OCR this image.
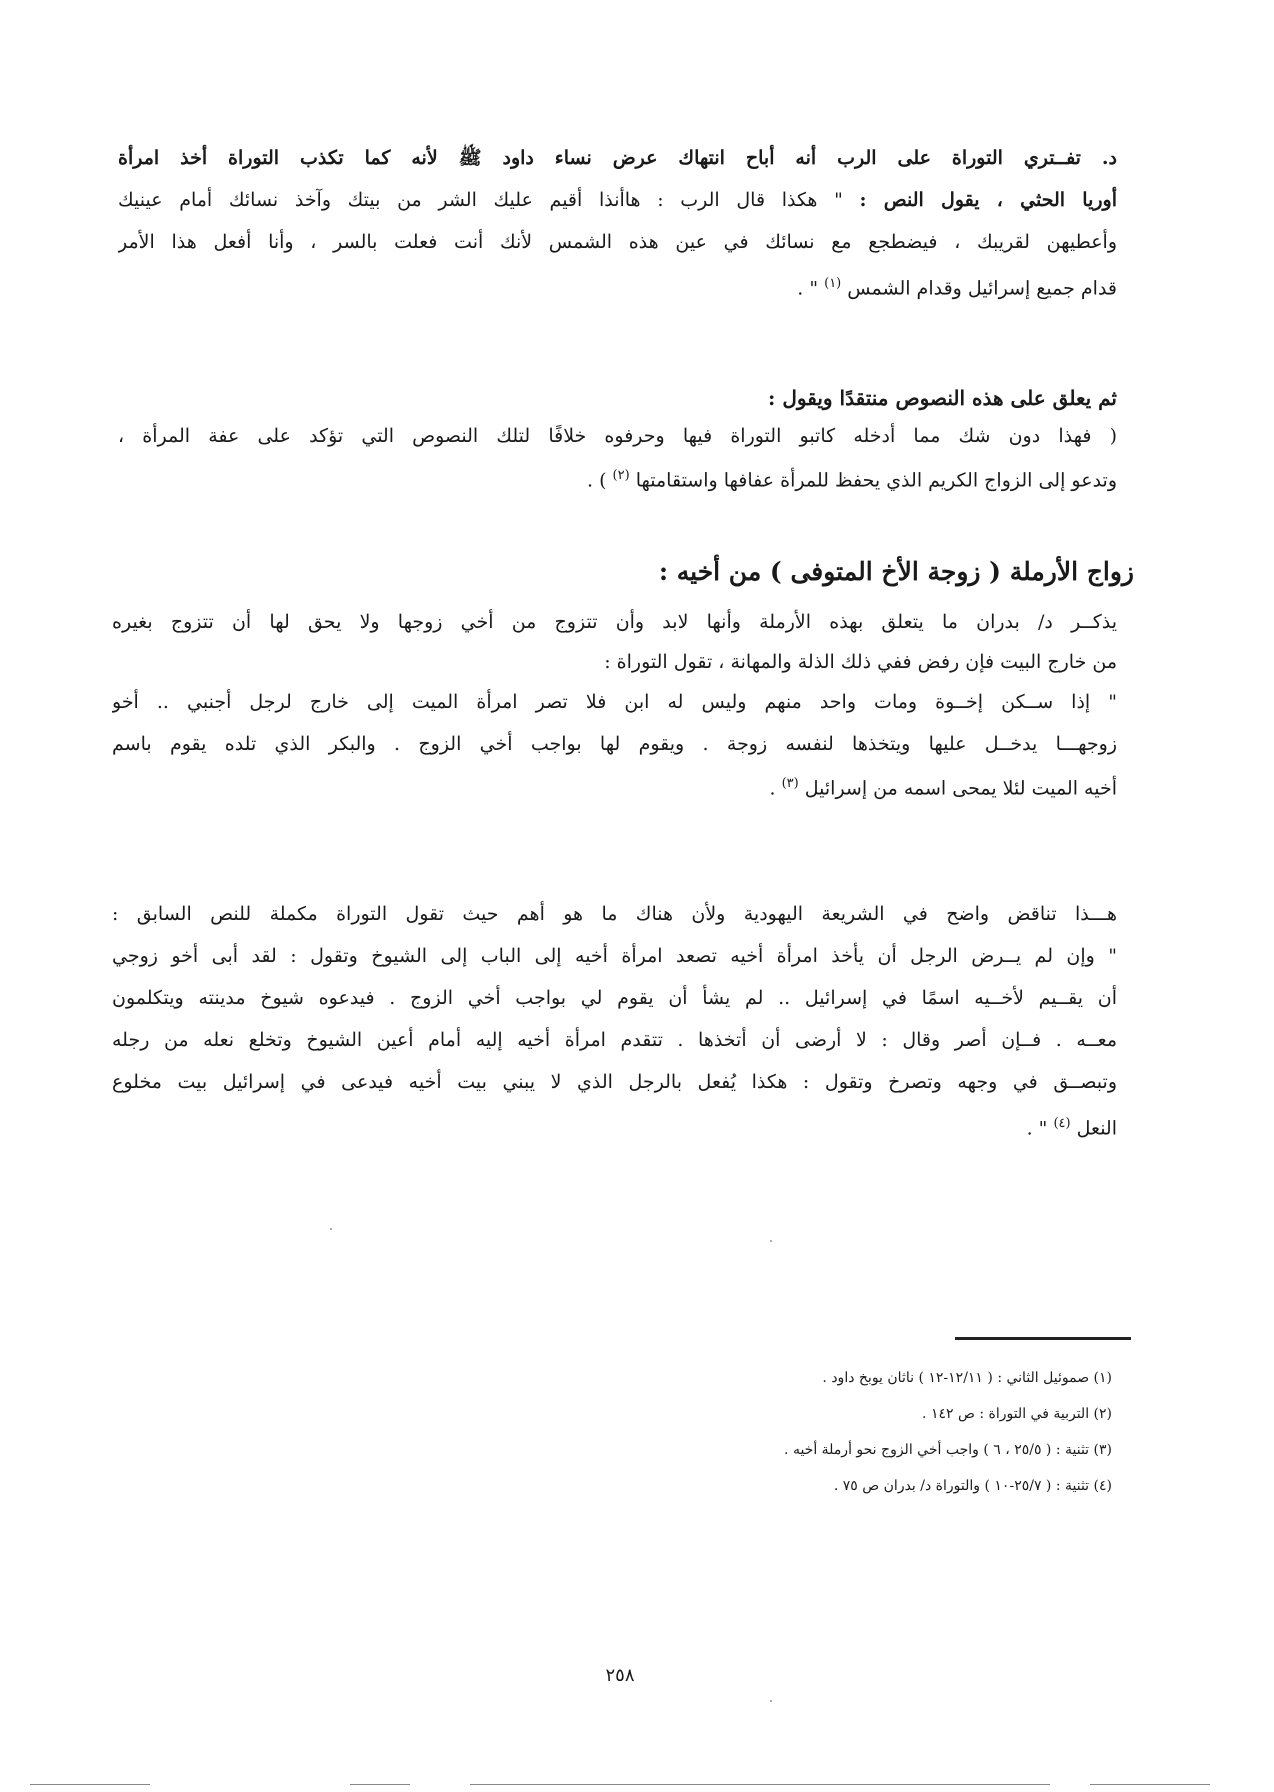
د. تفــتري التوراة على الرب أنه أباح انتهاك عرض نساء داود ﷺ لأنه كما تكذب التوراة أخذ امرأة
أوريا الحثي ، يقول النص : " هكذا قال الرب : هاأنذا أقيم عليك الشر من بيتك وآخذ نسائك أمام عينيك
وأعطيهن لقريبك ، فيضطجع مع نسائك في عين هذه الشمس لأنك أنت فعلت بالسر ، وأنا أفعل هذا الأمر
قدام جميع إسرائيل وقدام الشمس $^{(١)}$ " .
ثم يعلق على هذه النصوص منتقدًا ويقول :
( فهذا دون شك مما أدخله كاتبو التوراة فيها وحرفوه خلافًا لتلك النصوص التي تؤكد على عفة المرأة ،
وتدعو إلى الزواج الكريم الذي يحفظ للمرأة عفافها واستقامتها $^{(٢)}$ ) .
زواج الأرملة ( زوجة الأخ المتوفى ) من أخيه :
يذكــر د/ بدران ما يتعلق بهذه الأرملة وأنها لابد وأن تتزوج من أخي زوجها ولا يحق لها أن تتزوج بغيره
من خارج البيت فإن رفض ففي ذلك الذلة والمهانة ، تقول التوراة :
" إذا ســكن إخــوة ومات واحد منهم وليس له ابن فلا تصر امرأة الميت إلى خارج لرجل أجنبي .. أخو
زوجهـــا يدخــل عليها ويتخذها لنفسه زوجة . ويقوم لها بواجب أخي الزوج . والبكر الذي تلده يقوم باسم
أخيه الميت لئلا يمحى اسمه من إسرائيل $^{(٣)}$ .
هـــذا تناقض واضح في الشريعة اليهودية ولأن هناك ما هو أهم حيث تقول التوراة مكملة للنص السابق :
" وإن لم يــرض الرجل أن يأخذ امرأة أخيه تصعد امرأة أخيه إلى الباب إلى الشيوخ وتقول : لقد أبى أخو زوجي
أن يقــيم لأخــيه اسمًا في إسرائيل .. لم يشأ أن يقوم لي بواجب أخي الزوج . فيدعوه شيوخ مدينته ويتكلمون
معــه . فــإن أصر وقال : لا أرضى أن أتخذها . تتقدم امرأة أخيه إليه أمام أعين الشيوخ وتخلع نعله من رجله
وتبصــق في وجهه وتصرخ وتقول : هكذا يُفعل بالرجل الذي لا يبني بيت أخيه فيدعى في إسرائيل بيت مخلوع
النعل $^{(٤)}$ " .
(١) صموئيل الثاني : ( ١٢/١١-١٢ ) ناثان يوبخ داود .
(٢) التربية في التوراة : ص ١٤٢ .
(٣) تثنية : ( ٢٥/٥ ، ٦ ) واجب أخي الزوج نحو أرملة أخيه .
(٤) تثنية : ( ٢٥/٧-١٠ ) والتوراة د/ بدران ص ٧٥ .
٢٥٨
